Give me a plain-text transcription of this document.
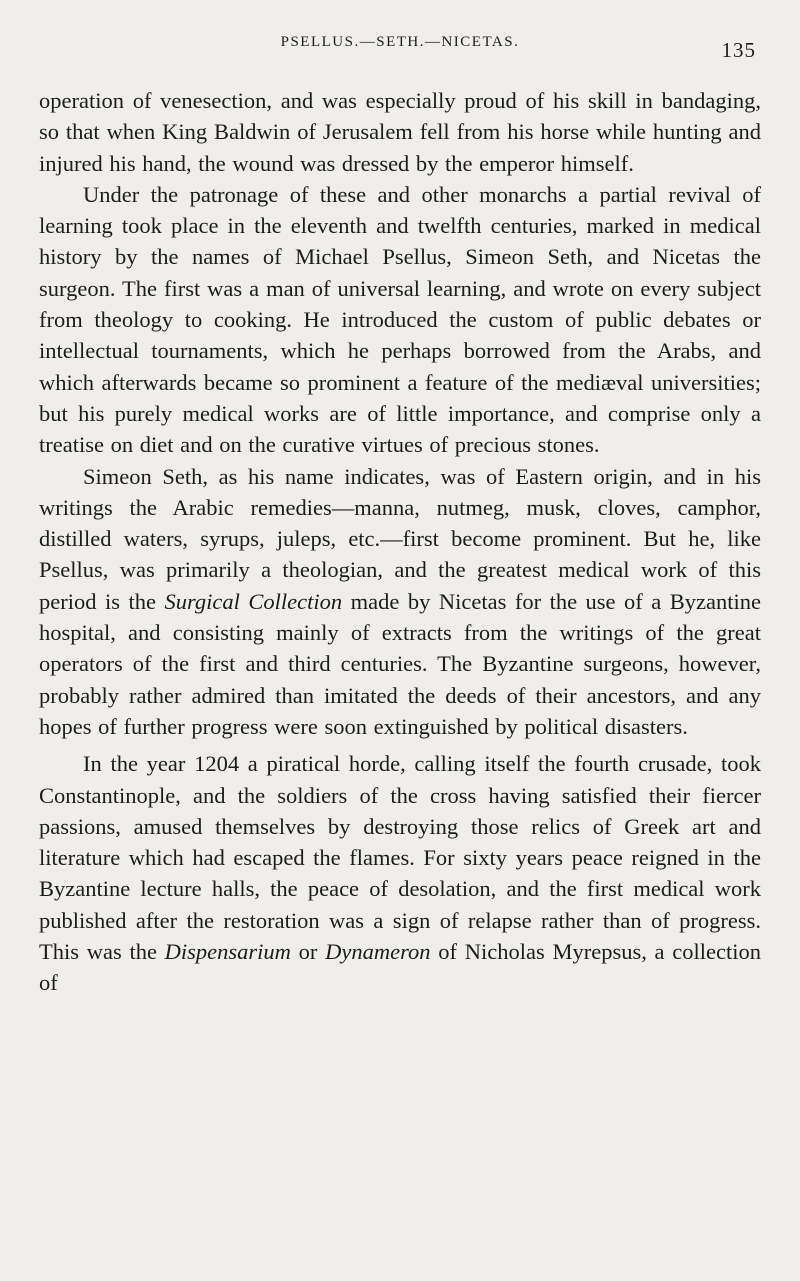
PSELLUS.—SETH.—NICETAS.	135

operation of venesection, and was especially proud of his skill in bandaging, so that when King Baldwin of Jerusalem fell from his horse while hunting and injured his hand, the wound was dressed by the emperor himself.

Under the patronage of these and other monarchs a partial revival of learning took place in the eleventh and twelfth centuries, marked in medical history by the names of Michael Psellus, Simeon Seth, and Nicetas the surgeon. The first was a man of universal learning, and wrote on every subject from theology to cooking. He introduced the custom of public debates or intellectual tournaments, which he perhaps borrowed from the Arabs, and which afterwards became so prominent a feature of the mediæval universities; but his purely medical works are of little importance, and comprise only a treatise on diet and on the curative virtues of precious stones.

Simeon Seth, as his name indicates, was of Eastern origin, and in his writings the Arabic remedies—manna, nutmeg, musk, cloves, camphor, distilled waters, syrups, juleps, etc.—first become prominent. But he, like Psellus, was primarily a theologian, and the greatest medical work of this period is the Surgical Collection made by Nicetas for the use of a Byzantine hospital, and consisting mainly of extracts from the writings of the great operators of the first and third centuries. The Byzantine surgeons, however, probably rather admired than imitated the deeds of their ancestors, and any hopes of further progress were soon extinguished by political disasters.

In the year 1204 a piratical horde, calling itself the fourth crusade, took Constantinople, and the soldiers of the cross having satisfied their fiercer passions, amused themselves by destroying those relics of Greek art and literature which had escaped the flames. For sixty years peace reigned in the Byzantine lecture halls, the peace of desolation, and the first medical work published after the restoration was a sign of relapse rather than of progress. This was the Dispensarium or Dynameron of Nicholas Myrepsus, a collection of
